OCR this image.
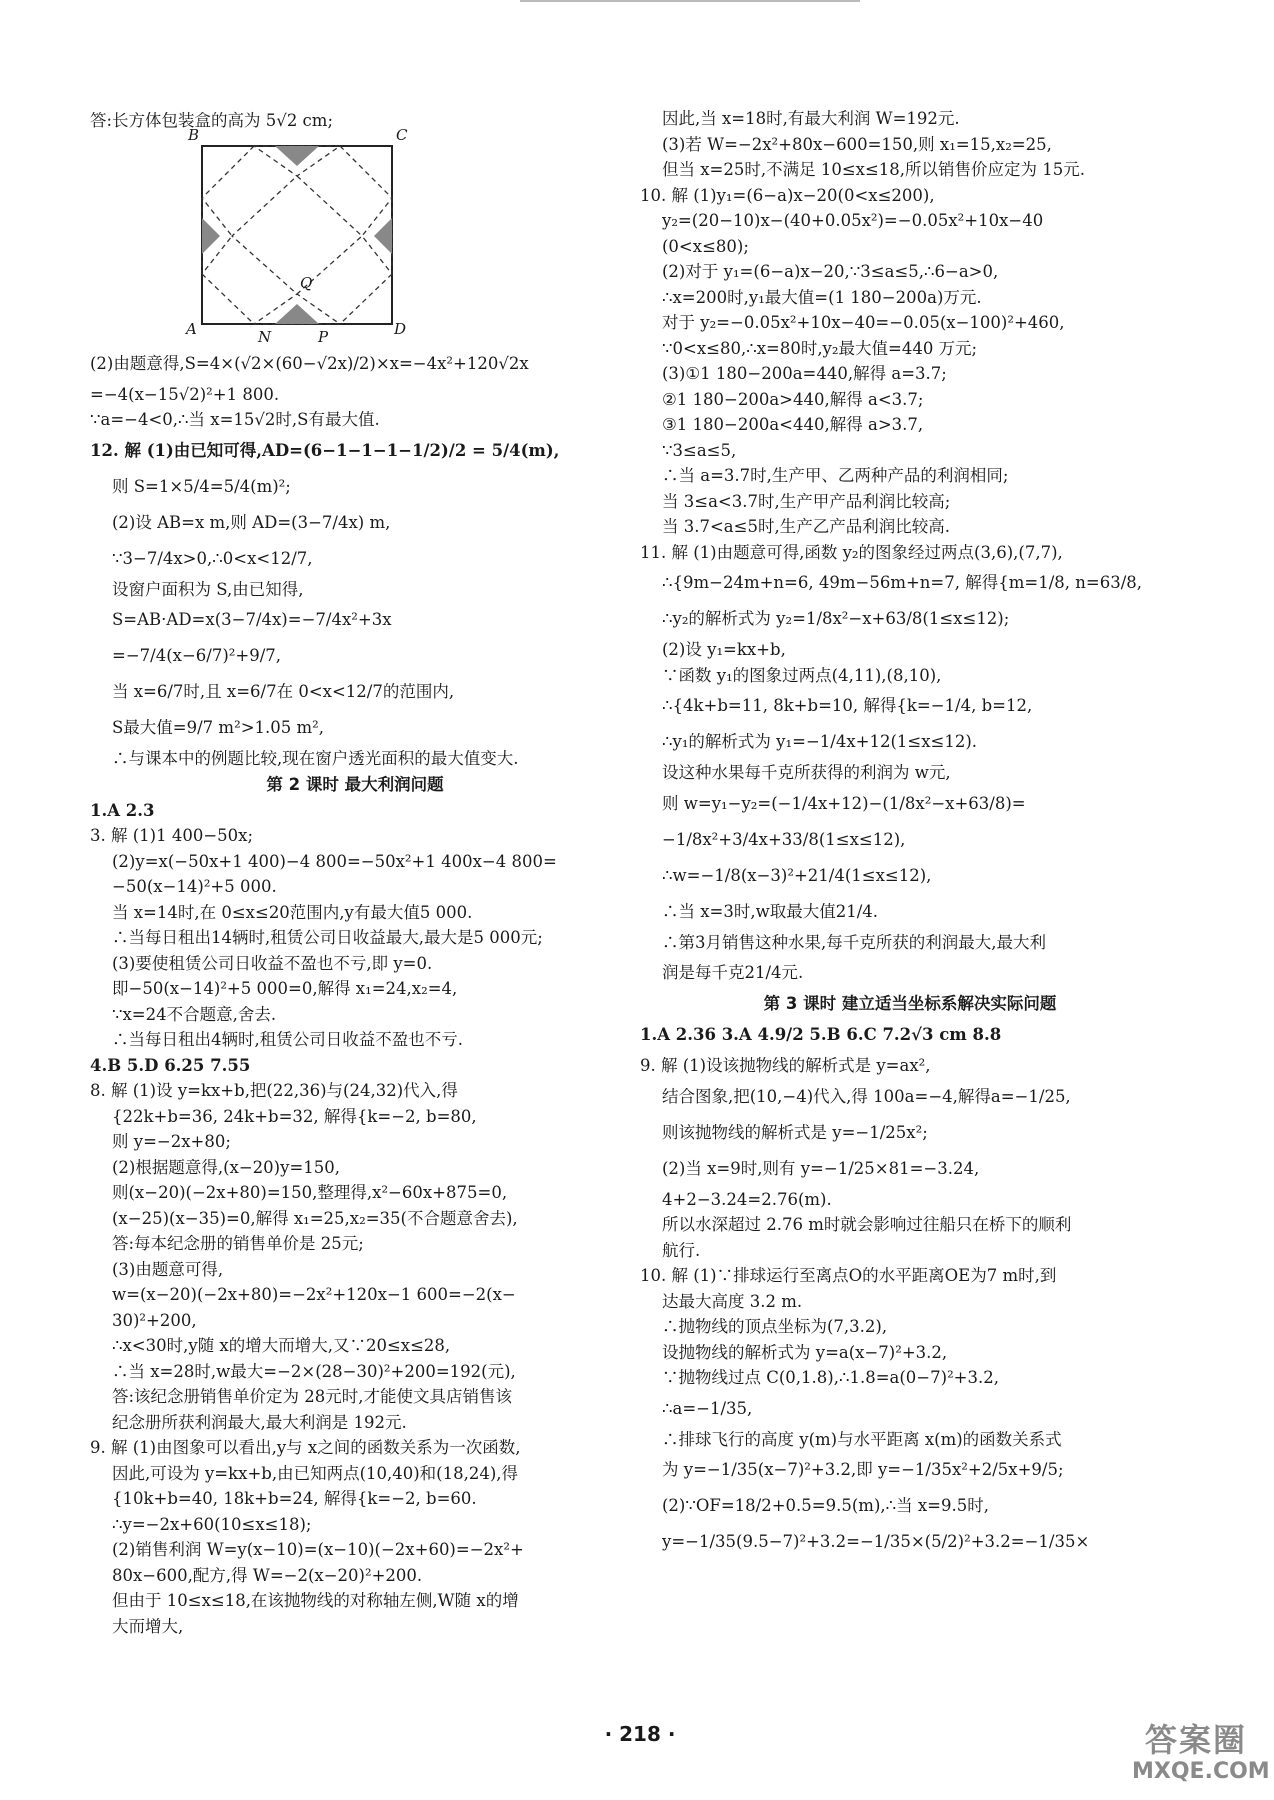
答:长方体包装盒的高为 5√2 cm;
B	C
A	D
N	P
Q
(2)由题意得,S=4×(√2×(60−√2x)/2)×x=−4x²+120√2x
=−4(x−15√2)²+1 800.
∵a=−4<0,∴当 x=15√2时,S有最大值.
12. 解 (1)由已知可得,AD=(6−1−1−1−1/2)/2 = 5/4(m),
则 S=1×5/4=5/4(m)²;
(2)设 AB=x m,则 AD=(3−7/4x) m,
∵3−7/4x>0,∴0<x<12/7,
设窗户面积为 S,由已知得,
S=AB·AD=x(3−7/4x)=−7/4x²+3x
=−7/4(x−6/7)²+9/7,
当 x=6/7时,且 x=6/7在 0<x<12/7的范围内,
S最大值=9/7 m²>1.05 m²,
∴与课本中的例题比较,现在窗户透光面积的最大值变大.
第 2 课时 最大利润问题
1.A 2.3
3. 解 (1)1 400−50x;
(2)y=x(−50x+1 400)−4 800=−50x²+1 400x−4 800=
−50(x−14)²+5 000.
当 x=14时,在 0≤x≤20范围内,y有最大值5 000.
∴当每日租出14辆时,租赁公司日收益最大,最大是5 000元;
(3)要使租赁公司日收益不盈也不亏,即 y=0.
即−50(x−14)²+5 000=0,解得 x₁=24,x₂=4,
∵x=24不合题意,舍去.
∴当每日租出4辆时,租赁公司日收益不盈也不亏.
4.B 5.D 6.25 7.55
8. 解 (1)设 y=kx+b,把(22,36)与(24,32)代入,得
{22k+b=36, 24k+b=32, 解得{k=−2, b=80,
则 y=−2x+80;
(2)根据题意得,(x−20)y=150,
则(x−20)(−2x+80)=150,整理得,x²−60x+875=0,
(x−25)(x−35)=0,解得 x₁=25,x₂=35(不合题意舍去),
答:每本纪念册的销售单价是 25元;
(3)由题意可得,
w=(x−20)(−2x+80)=−2x²+120x−1 600=−2(x−
30)²+200,
∴x<30时,y随 x的增大而增大,又∵20≤x≤28,
∴当 x=28时,w最大=−2×(28−30)²+200=192(元),
答:该纪念册销售单价定为 28元时,才能使文具店销售该
纪念册所获利润最大,最大利润是 192元.
9. 解 (1)由图象可以看出,y与 x之间的函数关系为一次函数,
因此,可设为 y=kx+b,由已知两点(10,40)和(18,24),得
{10k+b=40, 18k+b=24, 解得{k=−2, b=60.
∴y=−2x+60(10≤x≤18);
(2)销售利润 W=y(x−10)=(x−10)(−2x+60)=−2x²+
80x−600,配方,得 W=−2(x−20)²+200.
但由于 10≤x≤18,在该抛物线的对称轴左侧,W随 x的增
大而增大,
因此,当 x=18时,有最大利润 W=192元.
(3)若 W=−2x²+80x−600=150,则 x₁=15,x₂=25,
但当 x=25时,不满足 10≤x≤18,所以销售价应定为 15元.
10. 解 (1)y₁=(6−a)x−20(0<x≤200),
y₂=(20−10)x−(40+0.05x²)=−0.05x²+10x−40
(0<x≤80);
(2)对于 y₁=(6−a)x−20,∵3≤a≤5,∴6−a>0,
∴x=200时,y₁最大值=(1 180−200a)万元.
对于 y₂=−0.05x²+10x−40=−0.05(x−100)²+460,
∵0<x≤80,∴x=80时,y₂最大值=440 万元;
(3)①1 180−200a=440,解得 a=3.7;
②1 180−200a>440,解得 a<3.7;
③1 180−200a<440,解得 a>3.7,
∵3≤a≤5,
∴当 a=3.7时,生产甲、乙两种产品的利润相同;
当 3≤a<3.7时,生产甲产品利润比较高;
当 3.7<a≤5时,生产乙产品利润比较高.
11. 解 (1)由题意可得,函数 y₂的图象经过两点(3,6),(7,7),
∴{9m−24m+n=6, 49m−56m+n=7, 解得{m=1/8, n=63/8,
∴y₂的解析式为 y₂=1/8x²−x+63/8(1≤x≤12);
(2)设 y₁=kx+b,
∵函数 y₁的图象过两点(4,11),(8,10),
∴{4k+b=11, 8k+b=10, 解得{k=−1/4, b=12,
∴y₁的解析式为 y₁=−1/4x+12(1≤x≤12).
设这种水果每千克所获得的利润为 w元,
则 w=y₁−y₂=(−1/4x+12)−(1/8x²−x+63/8)=
−1/8x²+3/4x+33/8(1≤x≤12),
∴w=−1/8(x−3)²+21/4(1≤x≤12),
∴当 x=3时,w取最大值21/4.
∴第3月销售这种水果,每千克所获的利润最大,最大利
润是每千克21/4元.
第 3 课时 建立适当坐标系解决实际问题
1.A 2.36 3.A 4.9/2 5.B 6.C 7.2√3 cm 8.8
9. 解 (1)设该抛物线的解析式是 y=ax²,
结合图象,把(10,−4)代入,得 100a=−4,解得a=−1/25,
则该抛物线的解析式是 y=−1/25x²;
(2)当 x=9时,则有 y=−1/25×81=−3.24,
4+2−3.24=2.76(m).
所以水深超过 2.76 m时就会影响过往船只在桥下的顺利
航行.
10. 解 (1)∵排球运行至离点O的水平距离OE为7 m时,到
达最大高度 3.2 m.
∴抛物线的顶点坐标为(7,3.2),
设抛物线的解析式为 y=a(x−7)²+3.2,
∵抛物线过点 C(0,1.8),∴1.8=a(0−7)²+3.2,
∴a=−1/35,
∴排球飞行的高度 y(m)与水平距离 x(m)的函数关系式
为 y=−1/35(x−7)²+3.2,即 y=−1/35x²+2/5x+9/5;
(2)∵OF=18/2+0.5=9.5(m),∴当 x=9.5时,
y=−1/35(9.5−7)²+3.2=−1/35×(5/2)²+3.2=−1/35×
· 218 ·	答案圈
MXQE.COM
